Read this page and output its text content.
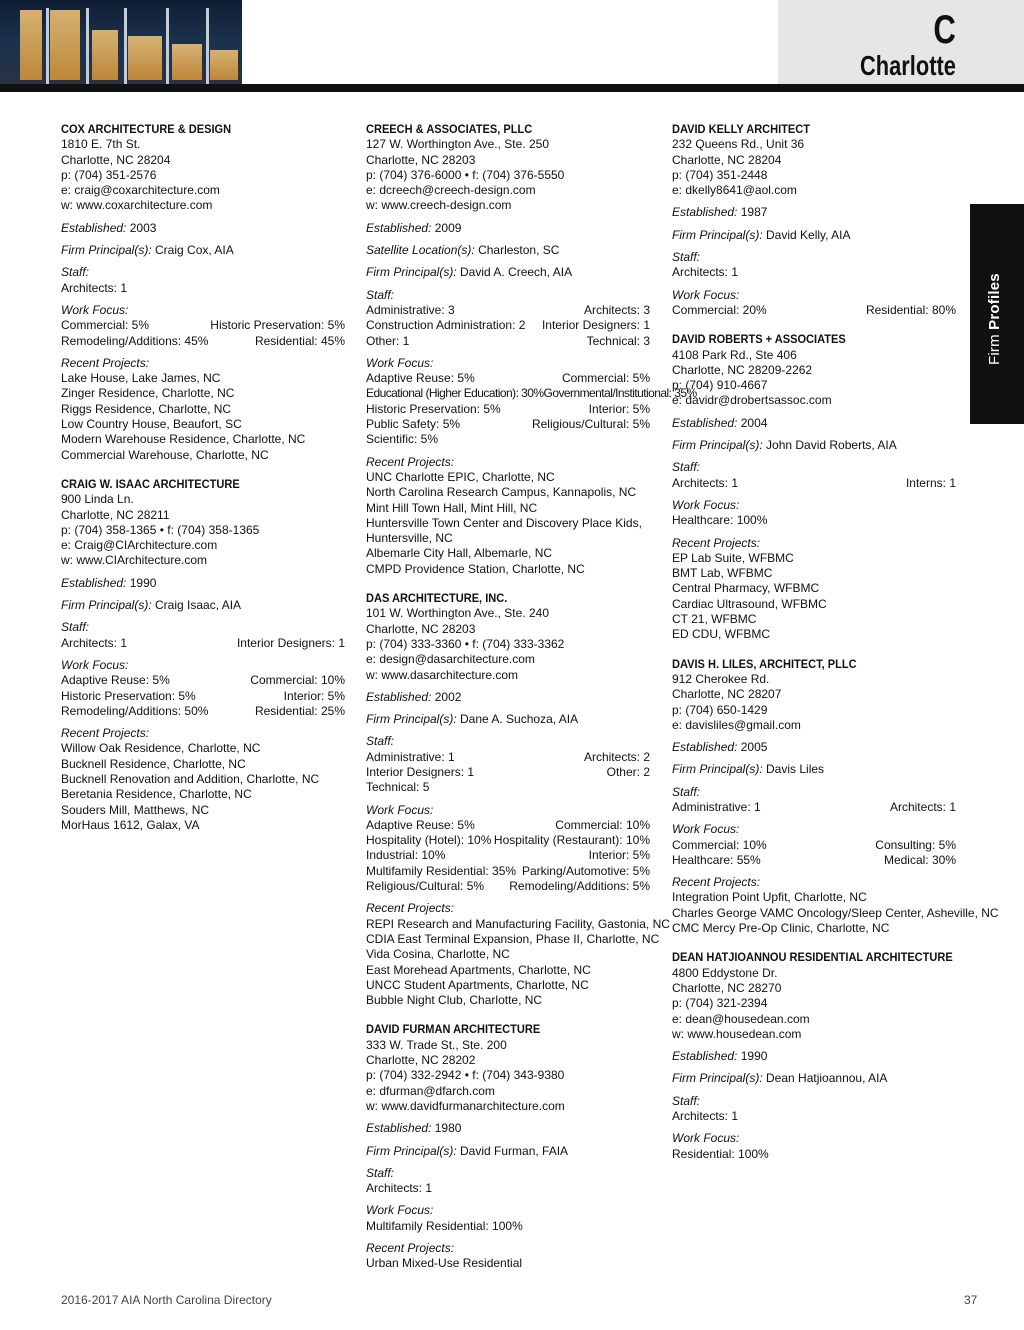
C
Charlotte
Firm Profiles
COX ARCHITECTURE & DESIGN
1810 E. 7th St.
Charlotte, NC 28204
p: (704) 351-2576
e: craig@coxarchitecture.com
w: www.coxarchitecture.com
Established: 2003
Firm Principal(s): Craig Cox, AIA
Staff:
Architects: 1
Work Focus:
Commercial: 5%	Historic Preservation: 5%
Remodeling/Additions: 45%	Residential: 45%
Recent Projects:
Lake House, Lake James, NC
Zinger Residence, Charlotte, NC
Riggs Residence, Charlotte, NC
Low Country House, Beaufort, SC
Modern Warehouse Residence, Charlotte, NC
Commercial Warehouse, Charlotte, NC
CRAIG W. ISAAC ARCHITECTURE
900 Linda Ln.
Charlotte, NC 28211
p: (704) 358-1365 • f: (704) 358-1365
e: Craig@CIArchitecture.com
w: www.CIArchitecture.com
Established: 1990
Firm Principal(s): Craig Isaac, AIA
Staff:
Architects: 1	Interior Designers: 1
Work Focus:
Adaptive Reuse: 5%	Commercial: 10%
Historic Preservation: 5%	Interior: 5%
Remodeling/Additions: 50%	Residential: 25%
Recent Projects:
Willow Oak Residence, Charlotte, NC
Bucknell Residence, Charlotte, NC
Bucknell Renovation and Addition, Charlotte, NC
Beretania Residence, Charlotte, NC
Souders Mill, Matthews, NC
MorHaus 1612, Galax, VA
CREECH & ASSOCIATES, PLLC
127 W. Worthington Ave., Ste. 250
Charlotte, NC 28203
p: (704) 376-6000 • f: (704) 376-5550
e: dcreech@creech-design.com
w: www.creech-design.com
Established: 2009
Satellite Location(s): Charleston, SC
Firm Principal(s): David A. Creech, AIA
Staff:
Administrative: 3	Architects: 3
Construction Administration: 2 Interior Designers: 1
Other: 1	Technical: 3
Work Focus:
Adaptive Reuse: 5%	Commercial: 5%
Educational (Higher Education): 30% Governmental/Institutional: 35%
Historic Preservation: 5%	Interior: 5%
Public Safety: 5%	Religious/Cultural: 5%
Scientific: 5%
Recent Projects:
UNC Charlotte EPIC, Charlotte, NC
North Carolina Research Campus, Kannapolis, NC
Mint Hill Town Hall, Mint Hill, NC
Huntersville Town Center and Discovery Place Kids,
Huntersville, NC
Albemarle City Hall, Albemarle, NC
CMPD Providence Station, Charlotte, NC
DAS ARCHITECTURE, INC.
101 W. Worthington Ave., Ste. 240
Charlotte, NC 28203
p: (704) 333-3360 • f: (704) 333-3362
e: design@dasarchitecture.com
w: www.dasarchitecture.com
Established: 2002
Firm Principal(s): Dane A. Suchoza, AIA
Staff:
Administrative: 1	Architects: 2
Interior Designers: 1	Other: 2
Technical: 5
Work Focus:
Adaptive Reuse: 5%	Commercial: 10%
Hospitality (Hotel): 10% Hospitality (Restaurant): 10%
Industrial: 10%	Interior: 5%
Multifamily Residential: 35% Parking/Automotive: 5%
Religious/Cultural: 5% Remodeling/Additions: 5%
Recent Projects:
REPI Research and Manufacturing Facility, Gastonia, NC
CDIA East Terminal Expansion, Phase II, Charlotte, NC
Vida Cosina, Charlotte, NC
East Morehead Apartments, Charlotte, NC
UNCC Student Apartments, Charlotte, NC
Bubble Night Club, Charlotte, NC
DAVID FURMAN ARCHITECTURE
333 W. Trade St., Ste. 200
Charlotte, NC 28202
p: (704) 332-2942 • f: (704) 343-9380
e: dfurman@dfarch.com
w: www.davidfurmanarchitecture.com
Established: 1980
Firm Principal(s): David Furman, FAIA
Staff:
Architects: 1
Work Focus:
Multifamily Residential: 100%
Recent Projects:
Urban Mixed-Use Residential
DAVID KELLY ARCHITECT
232 Queens Rd., Unit 36
Charlotte, NC 28204
p: (704) 351-2448
e: dkelly8641@aol.com
Established: 1987
Firm Principal(s): David Kelly, AIA
Staff:
Architects: 1
Work Focus:
Commercial: 20%	Residential: 80%
DAVID ROBERTS + ASSOCIATES
4108 Park Rd., Ste 406
Charlotte, NC 28209-2262
p: (704) 910-4667
e: davidr@drobertsassoc.com
Established: 2004
Firm Principal(s): John David Roberts, AIA
Staff:
Architects: 1	Interns: 1
Work Focus:
Healthcare: 100%
Recent Projects:
EP Lab Suite, WFBMC
BMT Lab, WFBMC
Central Pharmacy, WFBMC
Cardiac Ultrasound, WFBMC
CT 21, WFBMC
ED CDU, WFBMC
DAVIS H. LILES, ARCHITECT, PLLC
912 Cherokee Rd.
Charlotte, NC 28207
p: (704) 650-1429
e: davisliles@gmail.com
Established: 2005
Firm Principal(s): Davis Liles
Staff:
Administrative: 1	Architects: 1
Work Focus:
Commercial: 10%	Consulting: 5%
Healthcare: 55%	Medical: 30%
Recent Projects:
Integration Point Upfit, Charlotte, NC
Charles George VAMC Oncology/Sleep Center, Asheville, NC
CMC Mercy Pre-Op Clinic, Charlotte, NC
DEAN HATJIOANNOU RESIDENTIAL ARCHITECTURE
4800 Eddystone Dr.
Charlotte, NC 28270
p: (704) 321-2394
e: dean@housedean.com
w: www.housedean.com
Established: 1990
Firm Principal(s): Dean Hatjioannou, AIA
Staff:
Architects: 1
Work Focus:
Residential: 100%
2016-2017 AIA North Carolina Directory	37
